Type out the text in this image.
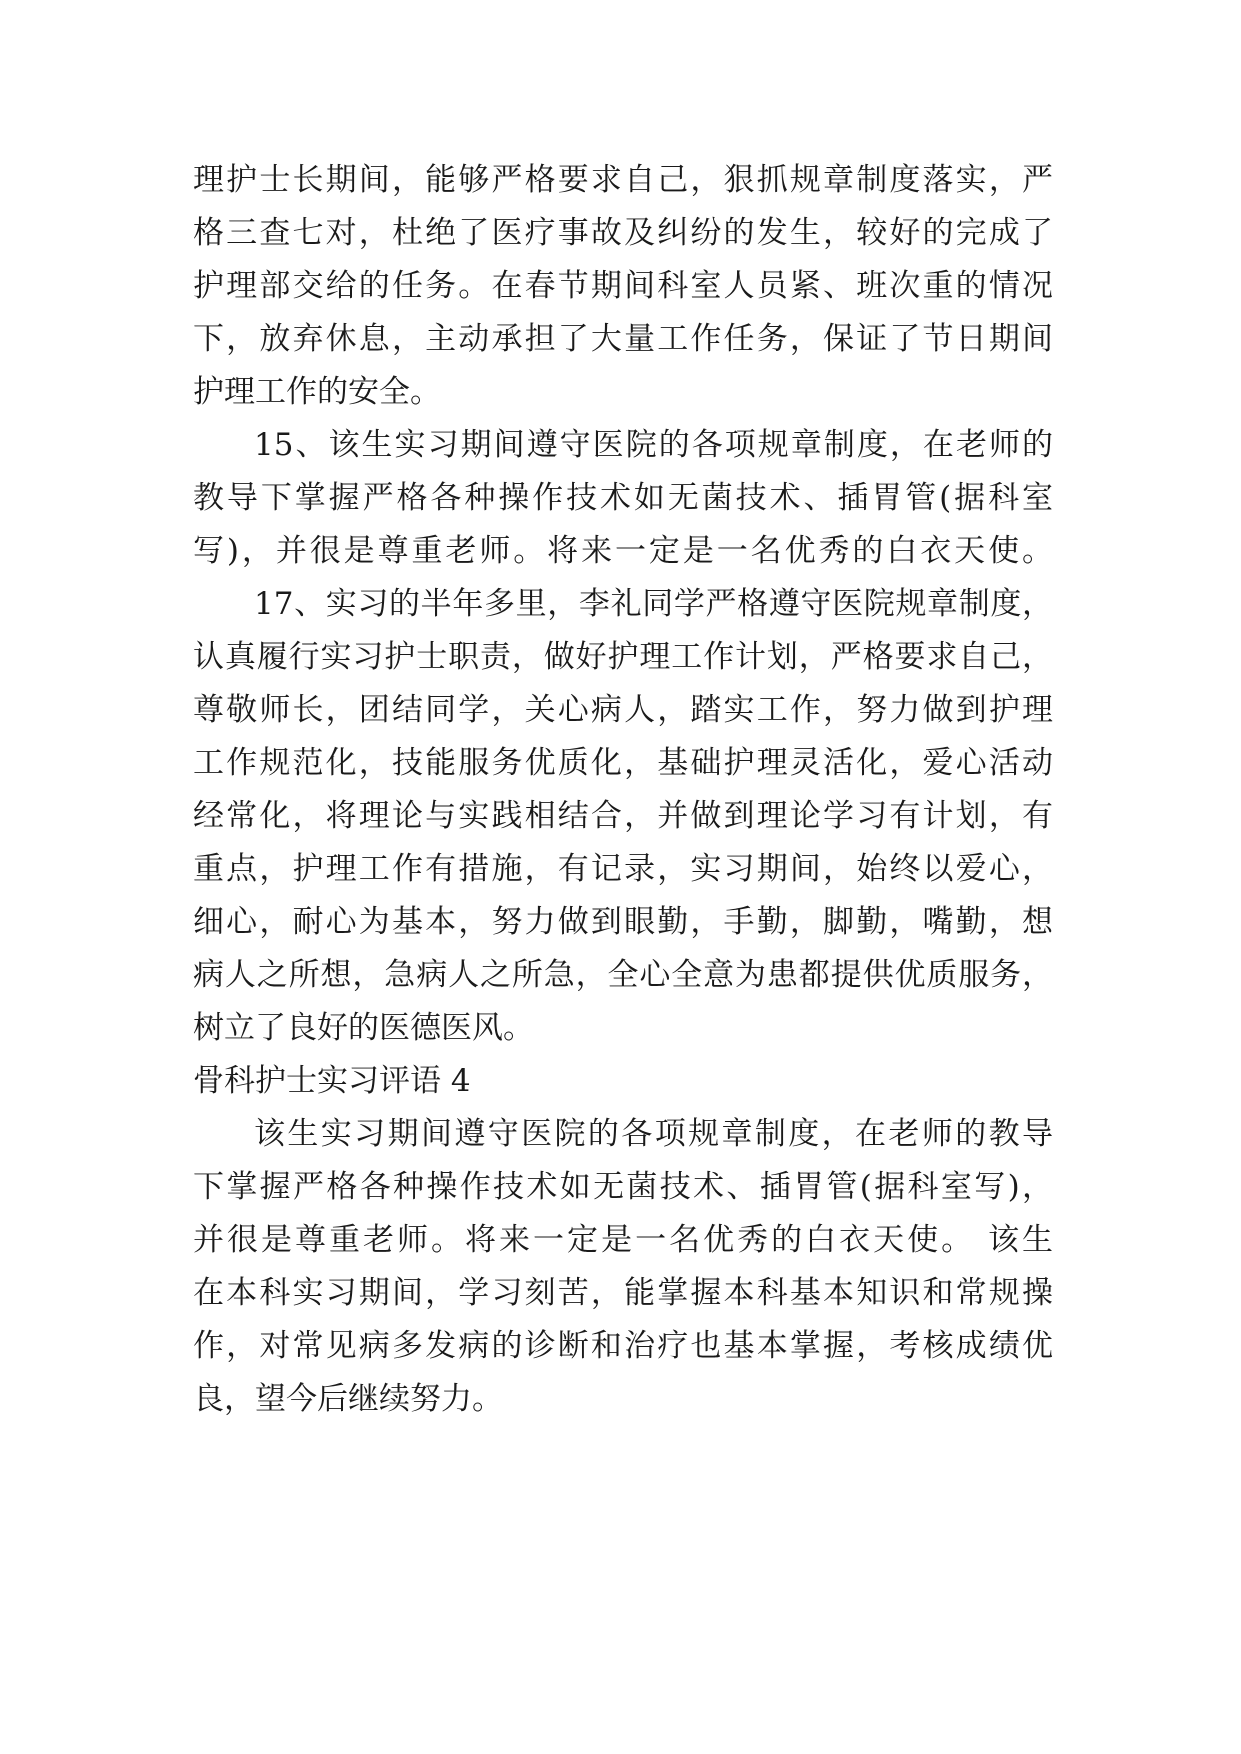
理护士长期间，能够严格要求自己，狠抓规章制度落实，严
格三查七对，杜绝了医疗事故及纠纷的发生，较好的完成了
护理部交给的任务。在春节期间科室人员紧、班次重的情况
下，放弃休息，主动承担了大量工作任务，保证了节日期间
护理工作的安全。
15、该生实习期间遵守医院的各项规章制度，在老师的
教导下掌握严格各种操作技术如无菌技术、插胃管(据科室
写)，并很是尊重老师。将来一定是一名优秀的白衣天使。
17、实习的半年多里，李礼同学严格遵守医院规章制度，
认真履行实习护士职责，做好护理工作计划，严格要求自己，
尊敬师长，团结同学，关心病人，踏实工作，努力做到护理
工作规范化，技能服务优质化，基础护理灵活化，爱心活动
经常化，将理论与实践相结合，并做到理论学习有计划，有
重点，护理工作有措施，有记录，实习期间，始终以爱心，
细心，耐心为基本，努力做到眼勤，手勤，脚勤，嘴勤，想
病人之所想，急病人之所急，全心全意为患都提供优质服务，
树立了良好的医德医风。
骨科护士实习评语 4
该生实习期间遵守医院的各项规章制度，在老师的教导
下掌握严格各种操作技术如无菌技术、插胃管(据科室写)，
并很是尊重老师。将来一定是一名优秀的白衣天使。 该生
在本科实习期间，学习刻苦，能掌握本科基本知识和常规操
作，对常见病多发病的诊断和治疗也基本掌握，考核成绩优
良，望今后继续努力。
